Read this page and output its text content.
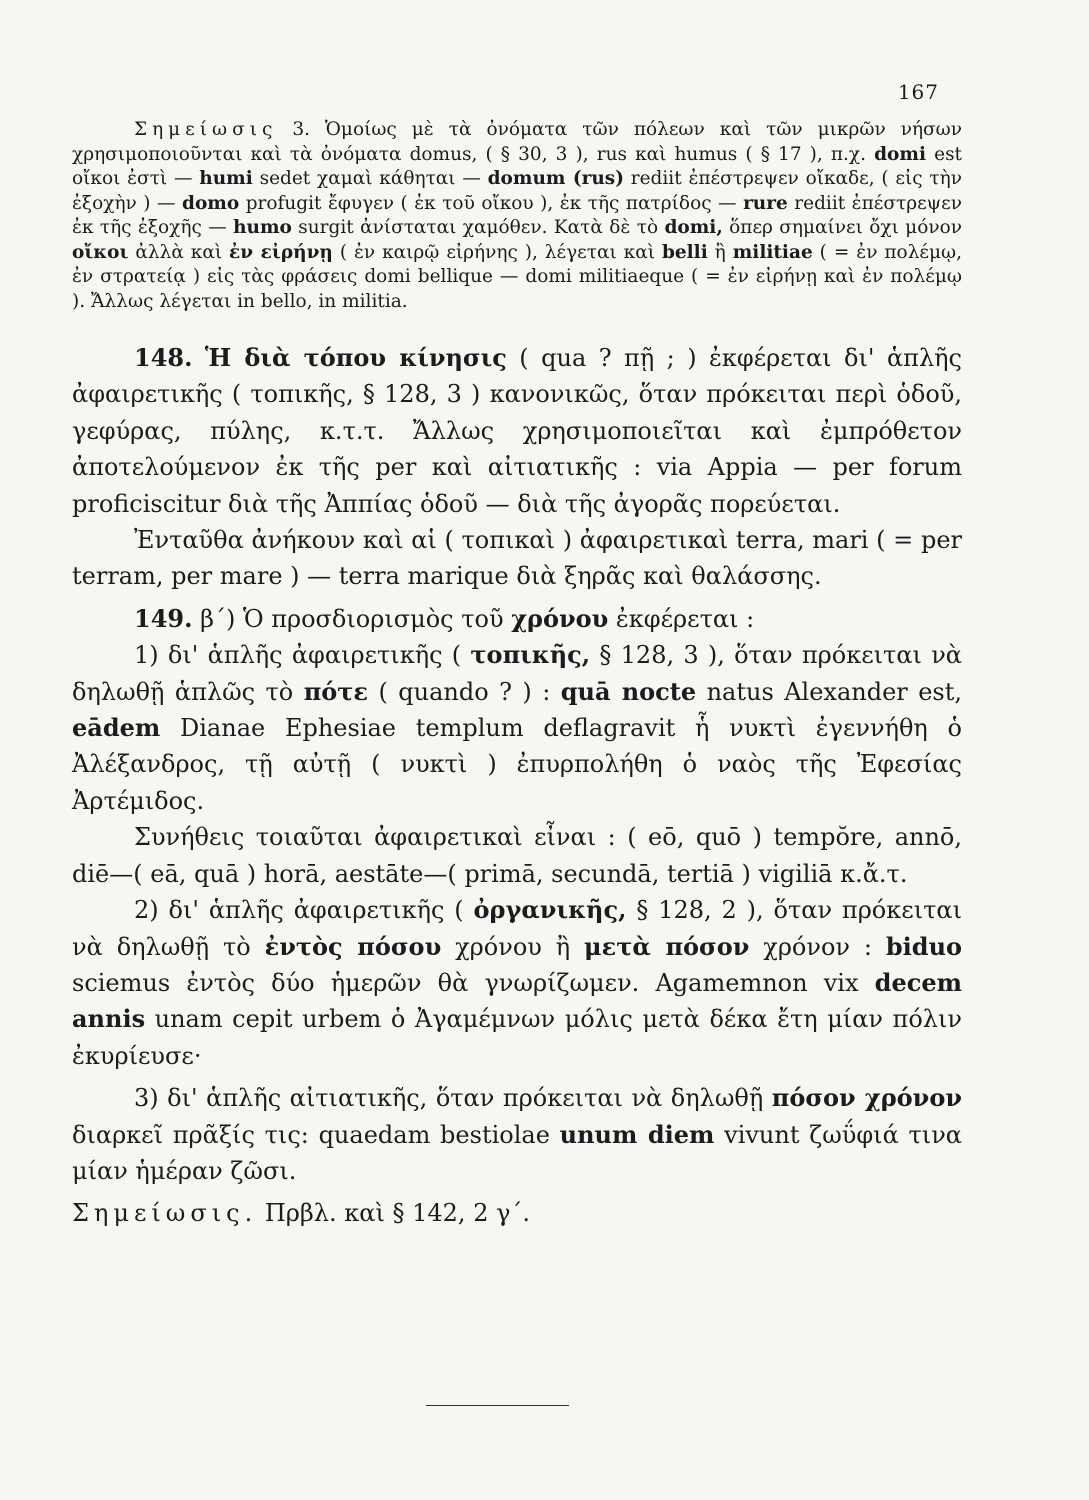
167

Σημείωσις 3. Ὁμοίως μὲ τὰ ὀνόματα τῶν πόλεων καὶ τῶν μικρῶν νήσων χρησιμοποιοῦνται καὶ τὰ ὀνόματα domus, ( § 30, 3 ), rus καὶ humus ( § 17 ), π.χ. domi est οἴκοι ἐστὶ — humi sedet χαμαὶ κάθηται — domum (rus) rediit ἐπέστρεψεν οἴκαδε, ( εἰς τὴν ἐξοχὴν ) — domo profugit ἔφυγεν ( ἐκ τοῦ οἴκου ), ἐκ τῆς πατρίδος — rure rediit ἐπέστρεψεν ἐκ τῆς ἐξοχῆς — humo surgit ἀνίσταται χαμόθεν. Κατὰ δὲ τὸ domi, ὅπερ σημαίνει ὄχι μόνον οἴκοι ἀλλὰ καὶ ἐν εἰρήνῃ ( ἐν καιρῷ εἰρήνης ), λέγεται καὶ belli ἢ militiae ( = ἐν πολέμῳ, ἐν στρατείᾳ ) εἰς τὰς φράσεις domi bellique — domi militiaeque ( = ἐν εἰρήνῃ καὶ ἐν πολέμῳ ). Ἄλλως λέγεται in bello, in militia.

148. Ἡ διὰ τόπου κίνησις ( qua ? πῇ ; ) ἐκφέρεται δι' ἁπλῆς ἀφαιρετικῆς ( τοπικῆς, § 128, 3 ) κανονικῶς, ὅταν πρόκειται περὶ ὁδοῦ, γεφύρας, πύλης, κ.τ.τ. Ἄλλως χρησιμοποιεῖται καὶ ἐμπρόθετον ἀποτελούμενον ἐκ τῆς per καὶ αἰτιατικῆς : via Appia — per forum proficiscitur διὰ τῆς Ἀππίας ὁδοῦ — διὰ τῆς ἀγορᾶς πορεύεται.

Ἐνταῦθα ἀνήκουν καὶ αἱ ( τοπικαὶ ) ἀφαιρετικαὶ terra, mari ( = per terram, per mare ) — terra marique διὰ ξηρᾶς καὶ θαλάσσης.

149. β΄) Ὁ προσδιορισμὸς τοῦ χρόνου ἐκφέρεται :

1) δι' ἁπλῆς ἀφαιρετικῆς ( τοπικῆς, § 128, 3 ), ὅταν πρόκειται νὰ δηλωθῇ ἁπλῶς τὸ πότε ( quando ? ) : quā nocte natus Alexander est, eādem Dianae Ephesiae templum deflagravit ἧ νυκτὶ ἐγεννήθη ὁ Ἀλέξανδρος, τῇ αὐτῇ ( νυκτὶ ) ἐπυρπολήθη ὁ ναὸς τῆς Ἐφεσίας Ἀρτέμιδος.

Συνήθεις τοιαῦται ἀφαιρετικαὶ εἶναι : ( eō, quō ) tempŏre, annō, diē—( eā, quā ) horā, aestāte—( primā, secundā, tertiā ) vigiliā κ.ἄ.τ.

2) δι' ἁπλῆς ἀφαιρετικῆς ( ὀργανικῆς, § 128, 2 ), ὅταν πρόκειται νὰ δηλωθῇ τὸ ἐντὸς πόσου χρόνου ἢ μετὰ πόσον χρόνον : biduo sciemus ἐντὸς δύο ἡμερῶν θὰ γνωρίζωμεν. Agamemnon vix decem annis unam cepit urbem ὁ Ἀγαμέμνων μόλις μετὰ δέκα ἔτη μίαν πόλιν ἐκυρίευσε·

3) δι' ἁπλῆς αἰτιατικῆς, ὅταν πρόκειται νὰ δηλωθῇ πόσον χρόνον διαρκεῖ πρᾶξίς τις: quaedam bestiolae unum diem vivunt ζωΰφιά τινα μίαν ἡμέραν ζῶσι.

Σημείωσις. Πρβλ. καὶ § 142, 2 γ΄.
